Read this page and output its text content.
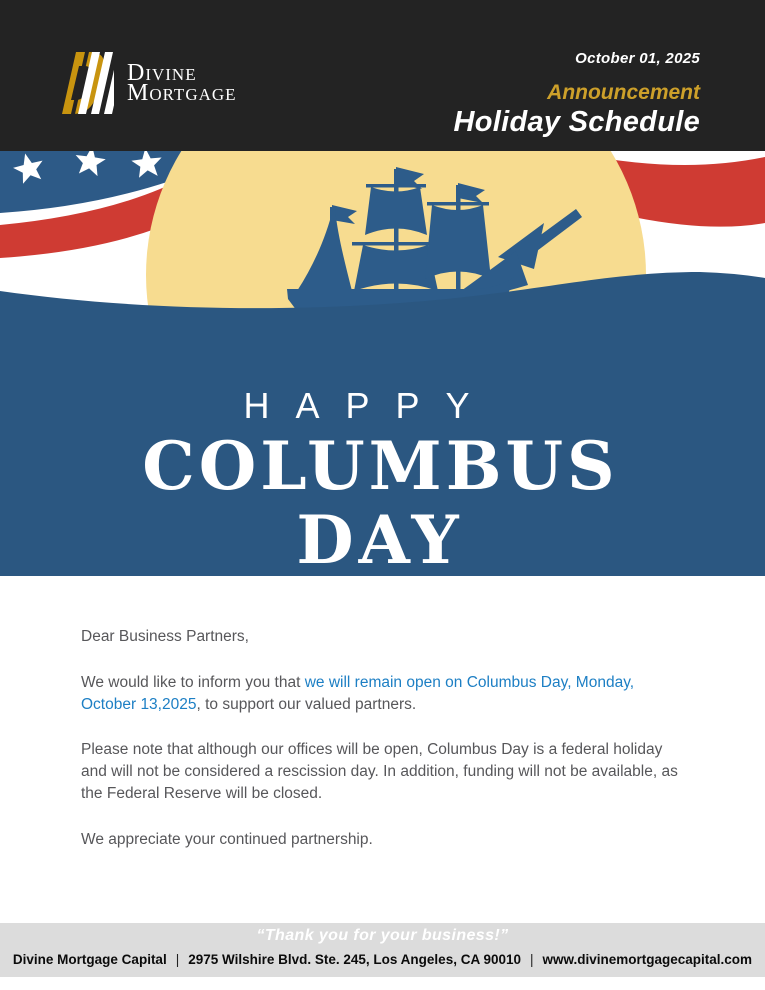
Divine
Mortgage
October 01, 2025
Announcement
Holiday Schedule
HAPPY
COLUMBUS
DAY
Dear Business Partners,
We would like to inform you that we will remain open on Columbus Day, Monday, October 13,2025, to support our valued partners.
Please note that although our offices will be open, Columbus Day is a federal holiday and will not be considered a rescission day. In addition, funding will not be available, as the Federal Reserve will be closed.
We appreciate your continued partnership.
“Thank you for your business!”
Divine Mortgage Capital | 2975 Wilshire Blvd. Ste. 245, Los Angeles, CA 90010 | www.divinemortgagecapital.com
